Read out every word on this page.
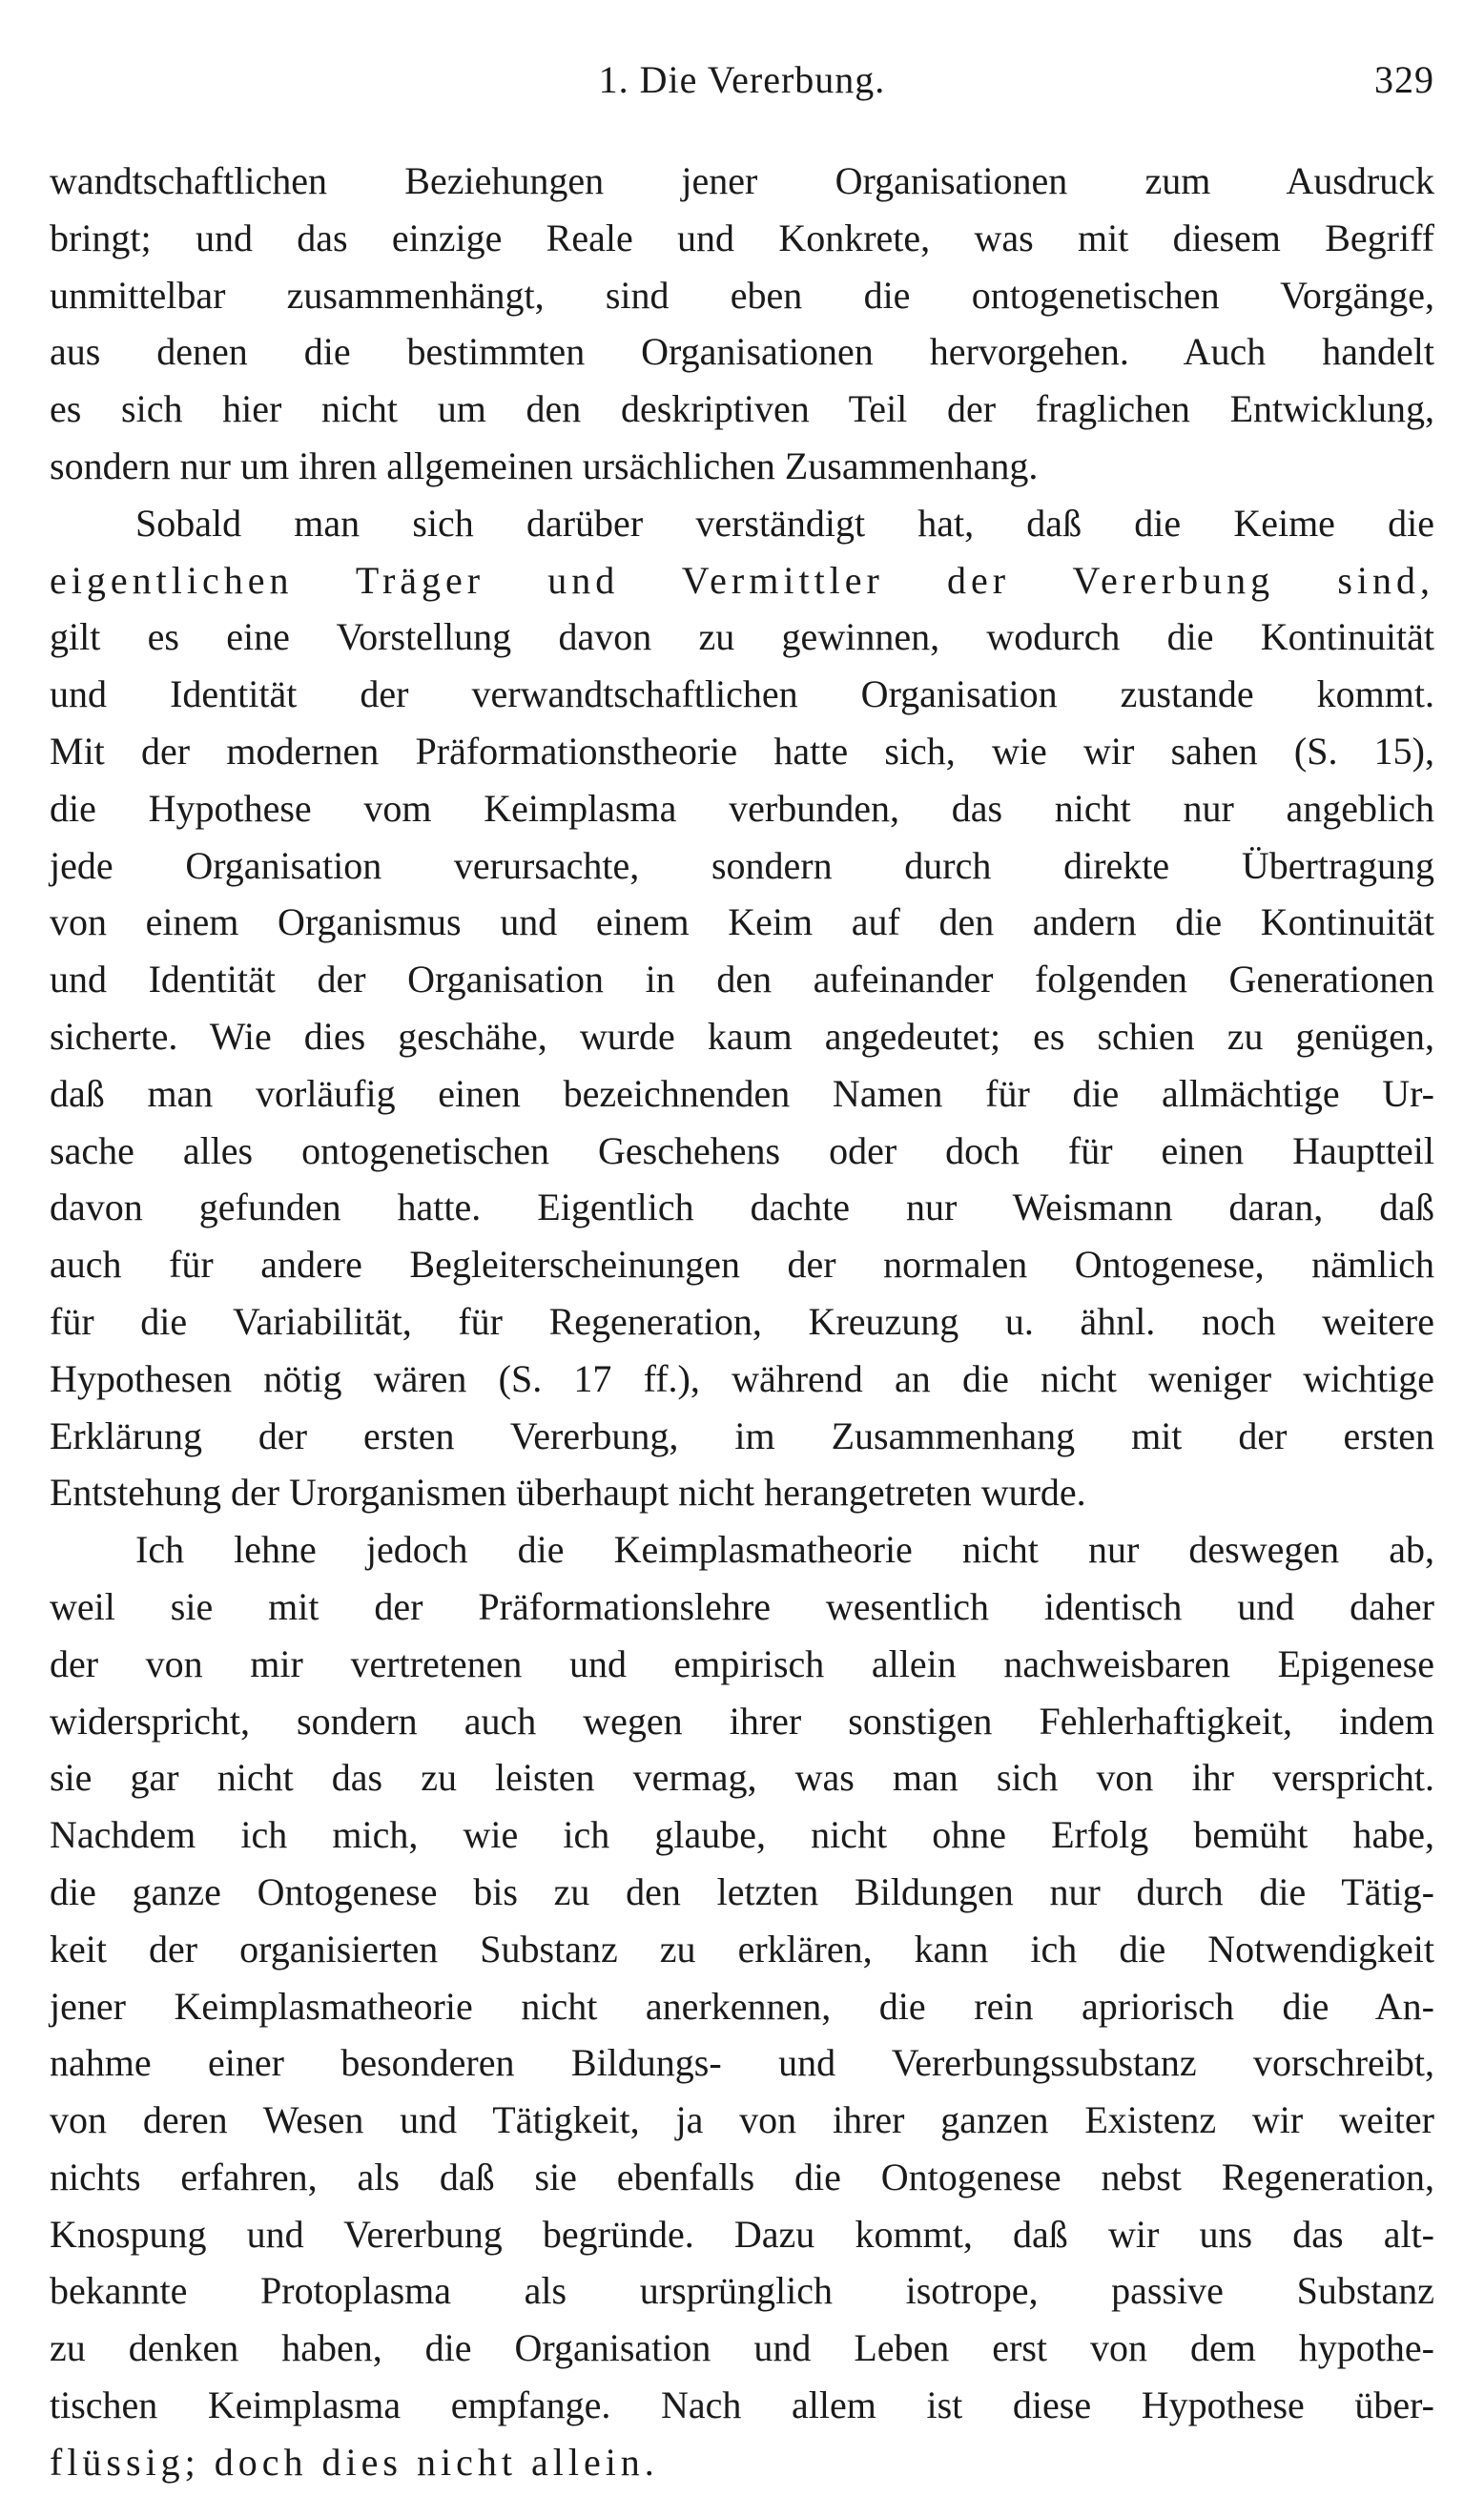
1. Die Vererbung.	329
wandtschaftlichen Beziehungen jener Organisationen zum Ausdruck
bringt; und das einzige Reale und Konkrete, was mit diesem Begriff
unmittelbar zusammenhängt, sind eben die ontogenetischen Vorgänge,
aus denen die bestimmten Organisationen hervorgehen. Auch handelt
es sich hier nicht um den deskriptiven Teil der fraglichen Entwicklung,
sondern nur um ihren allgemeinen ursächlichen Zusammenhang.
Sobald man sich darüber verständigt hat, daß die Keime die
eigentlichen Träger und Vermittler der Vererbung sind,
gilt es eine Vorstellung davon zu gewinnen, wodurch die Kontinuität
und Identität der verwandtschaftlichen Organisation zustande kommt.
Mit der modernen Präformationstheorie hatte sich, wie wir sahen (S. 15),
die Hypothese vom Keimplasma verbunden, das nicht nur angeblich
jede Organisation verursachte, sondern durch direkte Übertragung
von einem Organismus und einem Keim auf den andern die Kontinuität
und Identität der Organisation in den aufeinander folgenden Generationen
sicherte. Wie dies geschähe, wurde kaum angedeutet; es schien zu genügen,
daß man vorläufig einen bezeichnenden Namen für die allmächtige Ur-
sache alles ontogenetischen Geschehens oder doch für einen Hauptteil
davon gefunden hatte. Eigentlich dachte nur Weismann daran, daß
auch für andere Begleiterscheinungen der normalen Ontogenese, nämlich
für die Variabilität, für Regeneration, Kreuzung u. ähnl. noch weitere
Hypothesen nötig wären (S. 17 ff.), während an die nicht weniger wichtige
Erklärung der ersten Vererbung, im Zusammenhang mit der ersten
Entstehung der Urorganismen überhaupt nicht herangetreten wurde.
Ich lehne jedoch die Keimplasmatheorie nicht nur deswegen ab,
weil sie mit der Präformationslehre wesentlich identisch und daher
der von mir vertretenen und empirisch allein nachweisbaren Epigenese
widerspricht, sondern auch wegen ihrer sonstigen Fehlerhaftigkeit, indem
sie gar nicht das zu leisten vermag, was man sich von ihr verspricht.
Nachdem ich mich, wie ich glaube, nicht ohne Erfolg bemüht habe,
die ganze Ontogenese bis zu den letzten Bildungen nur durch die Tätig-
keit der organisierten Substanz zu erklären, kann ich die Notwendigkeit
jener Keimplasmatheorie nicht anerkennen, die rein apriorisch die An-
nahme einer besonderen Bildungs- und Vererbungssubstanz vorschreibt,
von deren Wesen und Tätigkeit, ja von ihrer ganzen Existenz wir weiter
nichts erfahren, als daß sie ebenfalls die Ontogenese nebst Regeneration,
Knospung und Vererbung begründe. Dazu kommt, daß wir uns das alt-
bekannte Protoplasma als ursprünglich isotrope, passive Substanz
zu denken haben, die Organisation und Leben erst von dem hypothe-
tischen Keimplasma empfange. Nach allem ist diese Hypothese über-
flüssig; doch dies nicht allein.
